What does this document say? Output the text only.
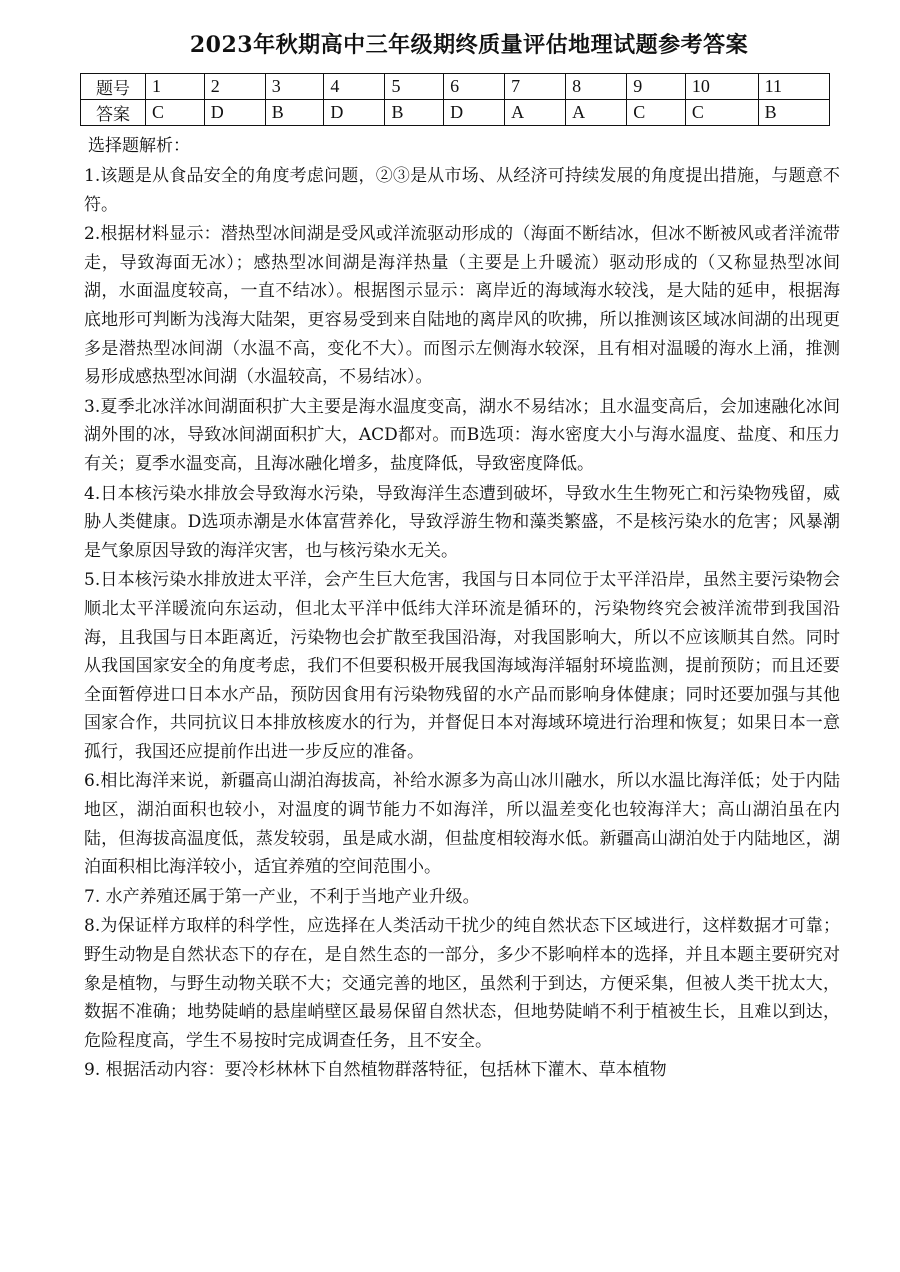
2023年秋期高中三年级期终质量评估地理试题参考答案
题号	1	2	3	4	5	6	7	8	9	10	11
答案	C	D	B	D	B	D	A	A	C	C	B
选择题解析：

1.该题是从食品安全的角度考虑问题，②③是从市场、从经济可持续发展的角度提出措施，与题意不符。

2.根据材料显示：潜热型冰间湖是受风或洋流驱动形成的（海面不断结冰，但冰不断被风或者洋流带走，导致海面无冰）；感热型冰间湖是海洋热量（主要是上升暖流）驱动形成的（又称显热型冰间湖，水面温度较高，一直不结冰）。根据图示显示：离岸近的海域海水较浅，是大陆的延申，根据海底地形可判断为浅海大陆架，更容易受到来自陆地的离岸风的吹拂，所以推测该区域冰间湖的出现更多是潜热型冰间湖（水温不高，变化不大）。而图示左侧海水较深，且有相对温暖的海水上涌，推测易形成感热型冰间湖（水温较高，不易结冰）。

3.夏季北冰洋冰间湖面积扩大主要是海水温度变高，湖水不易结冰；且水温变高后，会加速融化冰间湖外围的冰，导致冰间湖面积扩大，ACD都对。而B选项：海水密度大小与海水温度、盐度、和压力有关；夏季水温变高，且海冰融化增多，盐度降低，导致密度降低。

4.日本核污染水排放会导致海水污染，导致海洋生态遭到破坏，导致水生生物死亡和污染物残留，威胁人类健康。D选项赤潮是水体富营养化，导致浮游生物和藻类繁盛，不是核污染水的危害；风暴潮是气象原因导致的海洋灾害，也与核污染水无关。

5.日本核污染水排放进太平洋，会产生巨大危害，我国与日本同位于太平洋沿岸，虽然主要污染物会顺北太平洋暖流向东运动，但北太平洋中低纬大洋环流是循环的，污染物终究会被洋流带到我国沿海，且我国与日本距离近，污染物也会扩散至我国沿海，对我国影响大，所以不应该顺其自然。同时从我国国家安全的角度考虑，我们不但要积极开展我国海域海洋辐射环境监测，提前预防；而且还要全面暂停进口日本水产品，预防因食用有污染物残留的水产品而影响身体健康；同时还要加强与其他国家合作，共同抗议日本排放核废水的行为，并督促日本对海域环境进行治理和恢复；如果日本一意孤行，我国还应提前作出进一步反应的准备。

6.相比海洋来说，新疆高山湖泊海拔高，补给水源多为高山冰川融水，所以水温比海洋低；处于内陆地区，湖泊面积也较小，对温度的调节能力不如海洋，所以温差变化也较海洋大；高山湖泊虽在内陆，但海拔高温度低，蒸发较弱，虽是咸水湖，但盐度相较海水低。新疆高山湖泊处于内陆地区，湖泊面积相比海洋较小，适宜养殖的空间范围小。

7. 水产养殖还属于第一产业，不利于当地产业升级。

8.为保证样方取样的科学性，应选择在人类活动干扰少的纯自然状态下区域进行，这样数据才可靠；野生动物是自然状态下的存在，是自然生态的一部分，多少不影响样本的选择，并且本题主要研究对象是植物，与野生动物关联不大；交通完善的地区，虽然利于到达，方便采集，但被人类干扰太大，数据不准确；地势陡峭的悬崖峭壁区最易保留自然状态，但地势陡峭不利于植被生长，且难以到达，危险程度高，学生不易按时完成调查任务，且不安全。

9. 根据活动内容：要冷杉林林下自然植物群落特征，包括林下灌木、草本植物
